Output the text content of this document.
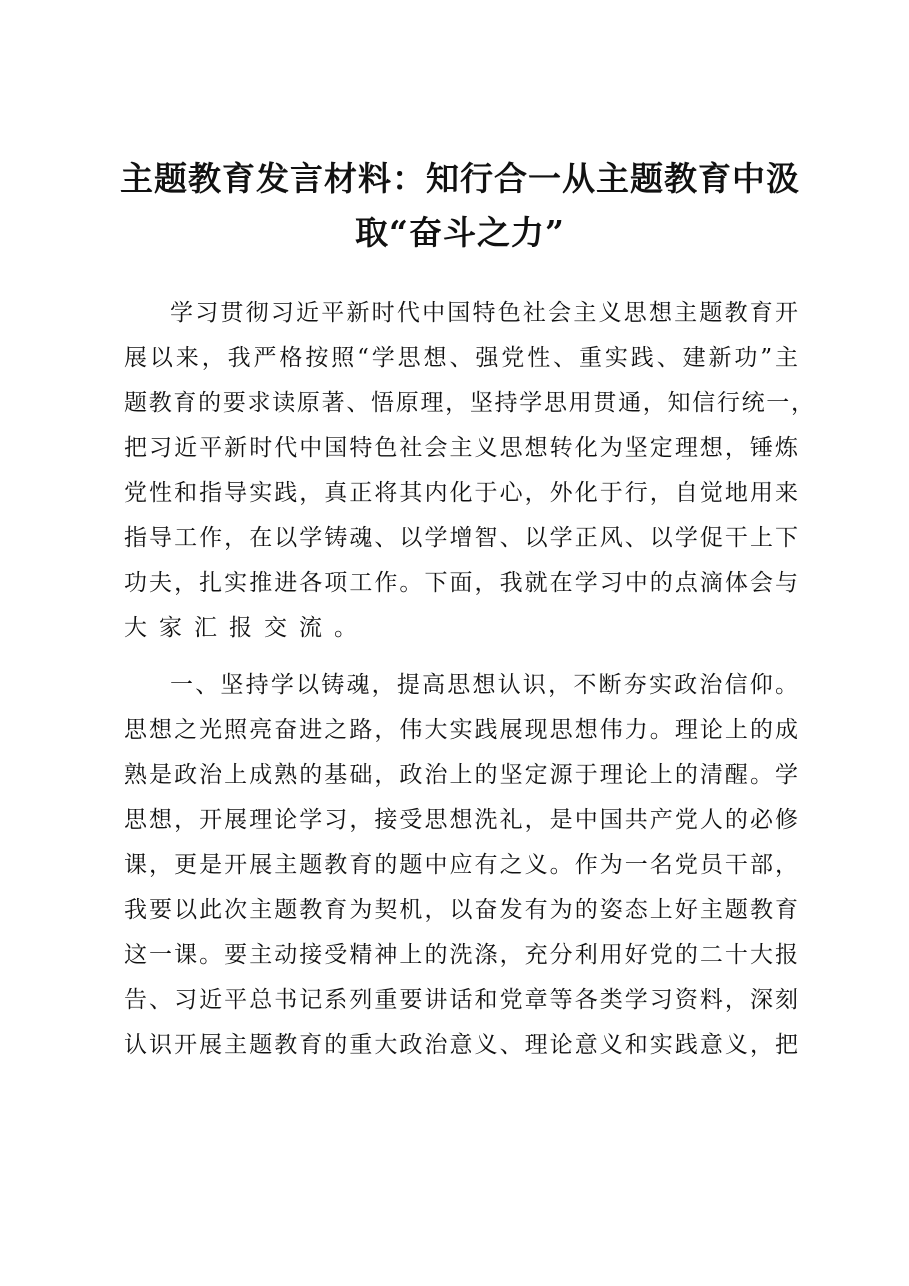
主题教育发言材料：知行合一从主题教育中汲
取“奋斗之力”
学习贯彻习近平新时代中国特色社会主义思想主题教育开
展以来，我严格按照“学思想、强党性、重实践、建新功”主
题教育的要求读原著、悟原理，坚持学思用贯通，知信行统一，
把习近平新时代中国特色社会主义思想转化为坚定理想，锤炼
党性和指导实践，真正将其内化于心，外化于行，自觉地用来
指导工作，在以学铸魂、以学增智、以学正风、以学促干上下
功夫，扎实推进各项工作。下面，我就在学习中的点滴体会与
大家汇报交流。
一、坚持学以铸魂，提高思想认识，不断夯实政治信仰。
思想之光照亮奋进之路，伟大实践展现思想伟力。理论上的成
熟是政治上成熟的基础，政治上的坚定源于理论上的清醒。学
思想，开展理论学习，接受思想洗礼，是中国共产党人的必修
课，更是开展主题教育的题中应有之义。作为一名党员干部，
我要以此次主题教育为契机，以奋发有为的姿态上好主题教育
这一课。要主动接受精神上的洗涤，充分利用好党的二十大报
告、习近平总书记系列重要讲话和党章等各类学习资料，深刻
认识开展主题教育的重大政治意义、理论意义和实践意义，把
